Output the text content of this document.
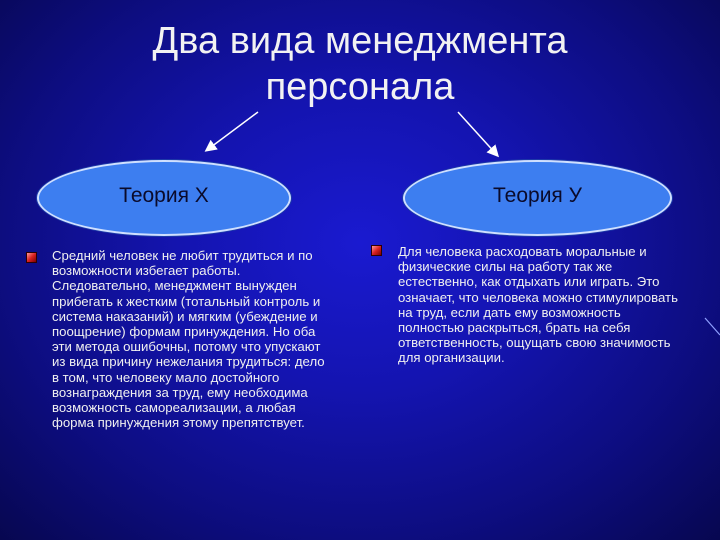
Два вида менеджмента
персонала
Теория Х	Теория У
Средний человек не любит трудиться и по возможности избегает работы. Следовательно, менеджмент вынужден прибегать к жестким (тотальный контроль и система наказаний) и мягким (убеждение и поощрение) формам принуждения. Но оба эти метода ошибочны, потому что упускают из вида причину нежелания трудиться: дело в том, что человеку мало достойного вознаграждения за труд, ему необходима возможность самореализации, а любая форма принуждения этому препятствует.
Для человека расходовать моральные и физические силы на работу так же естественно, как отдыхать или играть. Это означает, что человека можно стимулировать на труд, если дать ему возможность полностью раскрыться, брать на себя ответственность, ощущать свою значимость для организации.
